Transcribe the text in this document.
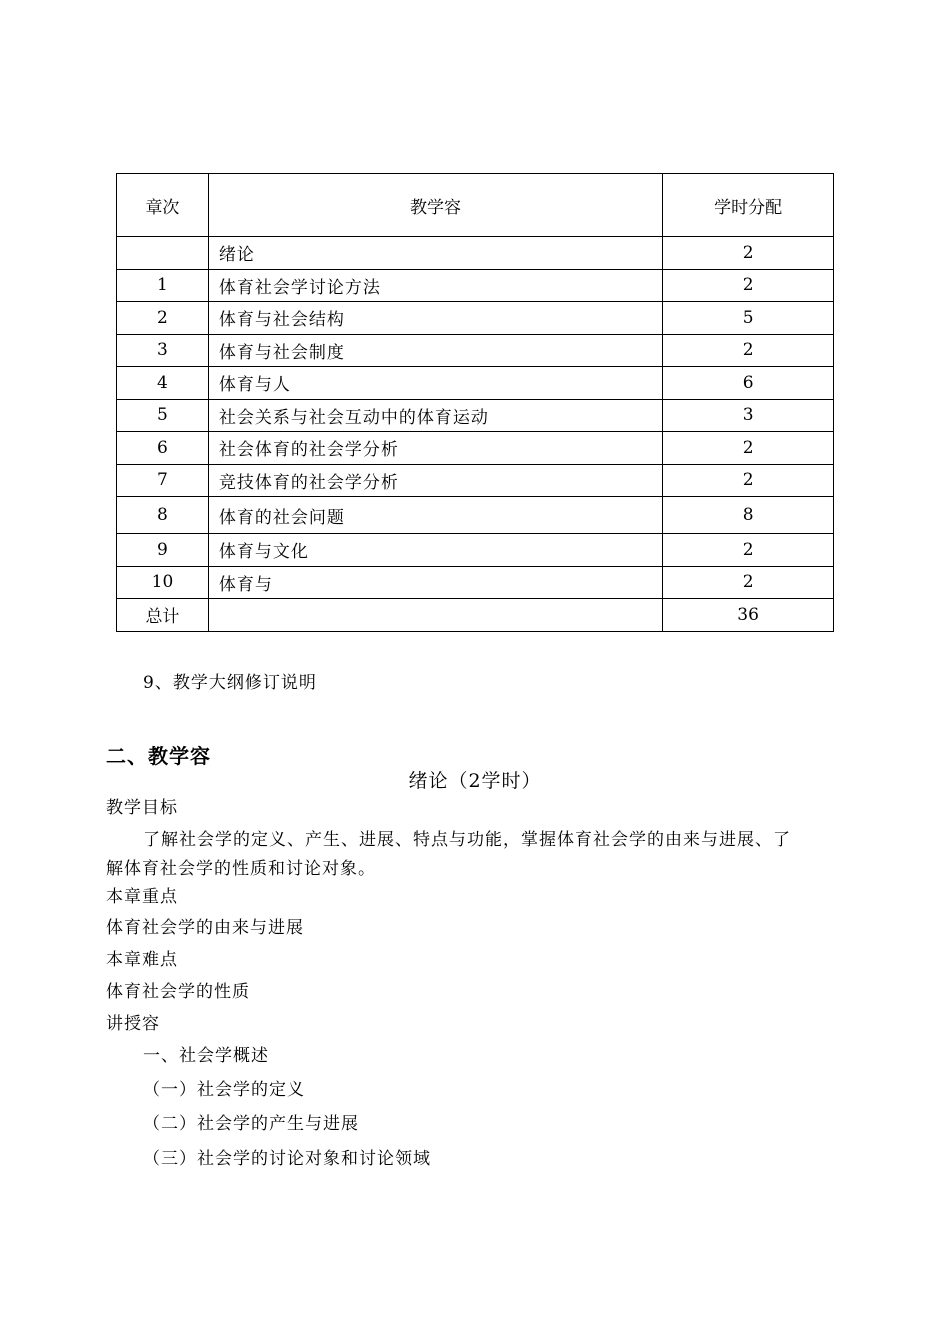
章次	教学容	学时分配
	绪论	2
1	体育社会学讨论方法	2
2	体育与社会结构	5
3	体育与社会制度	2
4	体育与人	6
5	社会关系与社会互动中的体育运动	3
6	社会体育的社会学分析	2
7	竞技体育的社会学分析	2
8	体育的社会问题	8
9	体育与文化	2
10	体育与	2
总计		36
9、教学大纲修订说明
二、教学容
绪论（2学时）
教学目标
了解社会学的定义、产生、进展、特点与功能，掌握体育社会学的由来与进展、了
解体育社会学的性质和讨论对象。
本章重点
体育社会学的由来与进展
本章难点
体育社会学的性质
讲授容
一、社会学概述
（一）社会学的定义
（二）社会学的产生与进展
（三）社会学的讨论对象和讨论领域
